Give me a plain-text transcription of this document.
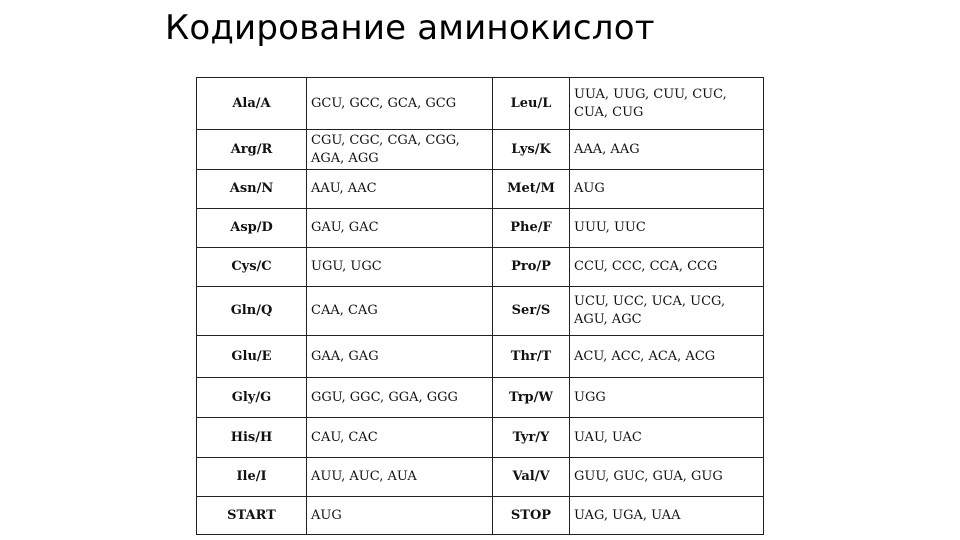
Кодирование аминокислот
Ala/A	GCU, GCC, GCA, GCG	Leu/L	UUA, UUG, CUU, CUC, CUA, CUG
Arg/R	CGU, CGC, CGA, CGG, AGA, AGG	Lys/K	AAA, AAG
Asn/N	AAU, AAC	Met/M	AUG
Asp/D	GAU, GAC	Phe/F	UUU, UUC
Cys/C	UGU, UGC	Pro/P	CCU, CCC, CCA, CCG
Gln/Q	CAA, CAG	Ser/S	UCU, UCC, UCA, UCG, AGU, AGC
Glu/E	GAA, GAG	Thr/T	ACU, ACC, ACA, ACG
Gly/G	GGU, GGC, GGA, GGG	Trp/W	UGG
His/H	CAU, CAC	Tyr/Y	UAU, UAC
Ile/I	AUU, AUC, AUA	Val/V	GUU, GUC, GUA, GUG
START	AUG	STOP	UAG, UGA, UAA
